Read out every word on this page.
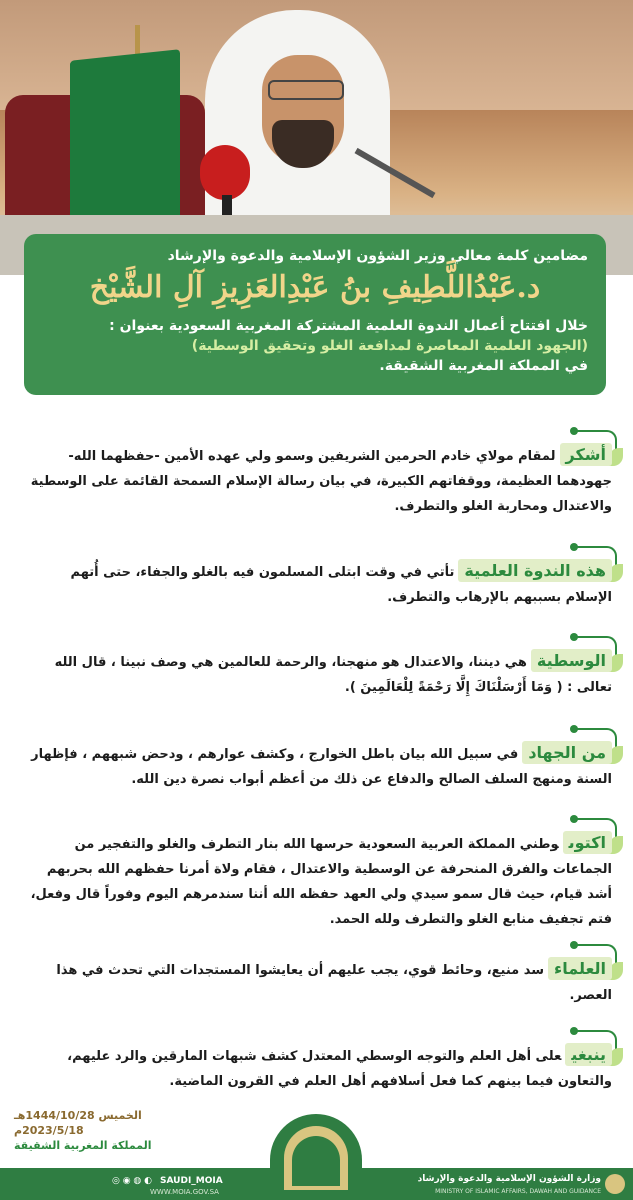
مضامين كلمة معالي وزير الشؤون الإسلامية والدعوة والإرشاد
د.عَبْدُاللَّطِيفِ بنُ عَبْدِالعَزِيزِ آلِ الشَّيْخ
خلال افتتاح أعمال الندوة العلمية المشتركة المغربية السعودية بعنوان :
(الجهود العلمية المعاصرة لمدافعة الغلو وتحقيق الوسطية)
في المملكة المغربية الشقيقة.
أشكرلمقام مولاي خادم الحرمين الشريفين وسمو ولي عهده الأمين -حفظهما الله- جهودهما العظيمة، ووقفاتهم الكبيرة، في بيان رسالة الإسلام السمحة القائمة على الوسطية والاعتدال ومحاربة الغلو والتطرف.
هذه الندوة العلميةتأتي في وقت ابتلى المسلمون فيه بالغلو والجفاء، حتى أُتهم الإسلام بسببهم بالإرهاب والتطرف.
الوسطيةهي ديننا، والاعتدال هو منهجنا، والرحمة للعالمين هي وصف نبينا ، قال الله تعالى : ( وَمَا أَرْسَلْنَاكَ إِلَّا رَحْمَةً لِلْعَالَمِينَ ).
من الجهادفي سبيل الله بيان باطل الخوارج ، وكشف عوارهم ، ودحض شبههم ، فإظهار السنة ومنهج السلف الصالح والدفاع عن ذلك من أعظم أبواب نصرة دين الله.
اكتوىوطني المملكة العربية السعودية حرسها الله بنار التطرف والغلو والتفجير من الجماعات والفرق المنحرفة عن الوسطية والاعتدال ، فقام ولاة أمرنا حفظهم الله بحربهم أشد قيام، حيث قال سمو سيدي ولي العهد حفظه الله أننا سندمرهم اليوم وفوراً قال وفعل، فتم تجفيف منابع الغلو والتطرف ولله الحمد.
العلماءسد منيع، وحائط قوي، يجب عليهم أن يعايشوا المستجدات التي تحدث في هذا العصر.
ينبغيعلى أهل العلم والتوجه الوسطي المعتدل كشف شبهات المارقين والرد عليهم، والتعاون فيما بينهم كما فعل أسلافهم أهل العلم في القرون الماضية.
الخميس 1444/10/28هـ
2023/5/18م
المملكة المغربية الشقيقة
◎ ◉ ◍ ◐ SAUDI_MOIA
WWW.MOIA.GOV.SA
وزارة الشؤون الإسلامية والدعوة والإرشاد
MINISTRY OF ISLAMIC AFFAIRS, DAWAH AND GUIDANCE
